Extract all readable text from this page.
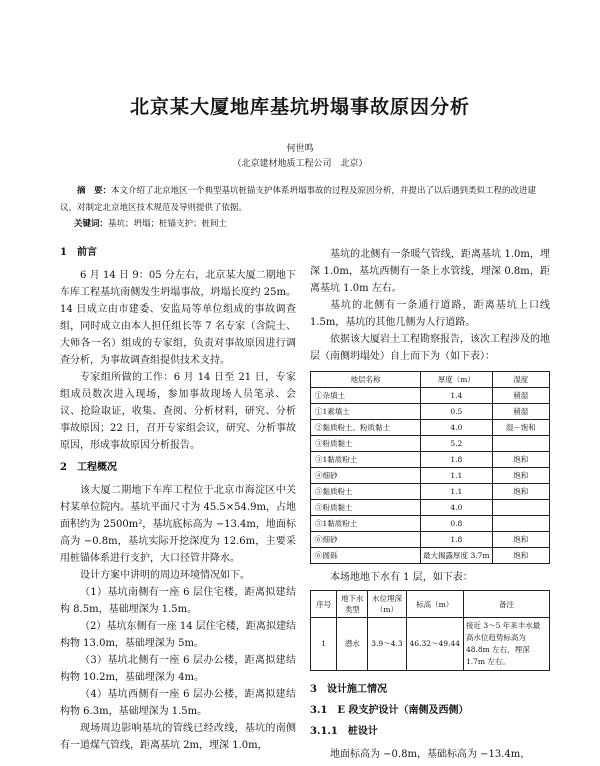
北京某大厦地库基坑坍塌事故原因分析
何世鸣
（北京建材地质工程公司　北京）
摘　要：本文介绍了北京地区一个典型基坑桩锚支护体系坍塌事故的过程及原因分析，并提出了以后遇到类似工程的改进建议，对制定北京地区技术规范及导则提供了依据。
关键词：基坑；坍塌；桩锚支护；桩间土
1　前言

6 月 14 日 9：05 分左右，北京某大厦二期地下车库工程基坑南侧发生坍塌事故，坍塌长度约 25m。14 日成立由市建委、安监局等单位组成的事故调查组，同时成立由本人担任组长等 7 名专家（含院士、大师各一名）组成的专家组，负责对事故原因进行调查分析，为事故调查组提供技术支持。

专家组所做的工作：6 月 14 日至 21 日，专家组成员数次进入现场，参加事故现场人员笔录、会议、抢险取证，收集、查阅、分析材料，研究、分析事故原因；22 日，召开专家组会议，研究、分析事故原因，形成事故原因分析报告。

2　工程概况

该大厦二期地下车库工程位于北京市海淀区中关村某单位院内。基坑平面尺寸为 45.5×54.9m，占地面积约为 2500m²，基坑底标高为 −13.4m，地面标高为 −0.8m，基坑实际开挖深度为 12.6m，主要采用桩锚体系进行支护，大口径管井降水。

设计方案中讲明的周边环境情况如下。

（1）基坑南侧有一座 6 层住宅楼，距离拟建结构 8.5m，基础埋深为 1.5m。

（2）基坑东侧有一座 14 层住宅楼，距离拟建结构物 13.0m，基础埋深为 5m。

（3）基坑北侧有一座 6 层办公楼，距离拟建结构物 10.2m，基础埋深为 4m。

（4）基坑西侧有一座 6 层办公楼，距离拟建结构物 6.3m，基础埋深为 1.5m。

现场周边影响基坑的管线已经改线，基坑的南侧有一道煤气管线，距离基坑 2m，埋深 1.0m，

基坑的北侧有一条暖气管线，距离基坑 1.0m，埋深 1.0m，基坑西侧有一条上水管线，埋深 0.8m，距离基坑 1.0m 左右。

基坑的北侧有一条通行道路，距离基坑上口线 1.5m，基坑的其他几侧为人行道路。

依据该大厦岩土工程勘察报告，该次工程涉及的地层（南侧坍塌处）自上而下为（如下表）：

地层名称	厚度（m）	湿度
①杂填土	1.4	稍湿
①1素填土	0.5	稍湿
②黏质粉土、粉质黏土	4.0	湿－饱和
③粉质黏土	5.2	
③1黏质粉土	1.8	饱和
④细砂	1.1	饱和
⑤黏质粉土	1.1	饱和
⑤粉质黏土	4.0	
⑤1黏质粉土	0.8	
⑥细砂	1.8	饱和
⑥圆砾	最大揭露厚度 3.7m	饱和
本场地地下水有 1 层，如下表：
序号	地下水类型	水位埋深（m）	标高（m）	备注
1	潜水	3.9～4.3	46.32～49.44	接近 3～5 年来丰水最高水位趋势标高为 48.8m 左右，埋深 1.7m 左右。
3　设计施工情况
3.1　E 段支护设计（南侧及西侧）
3.1.1　桩设计

地面标高为 −0.8m，基础标高为 −13.4m，
